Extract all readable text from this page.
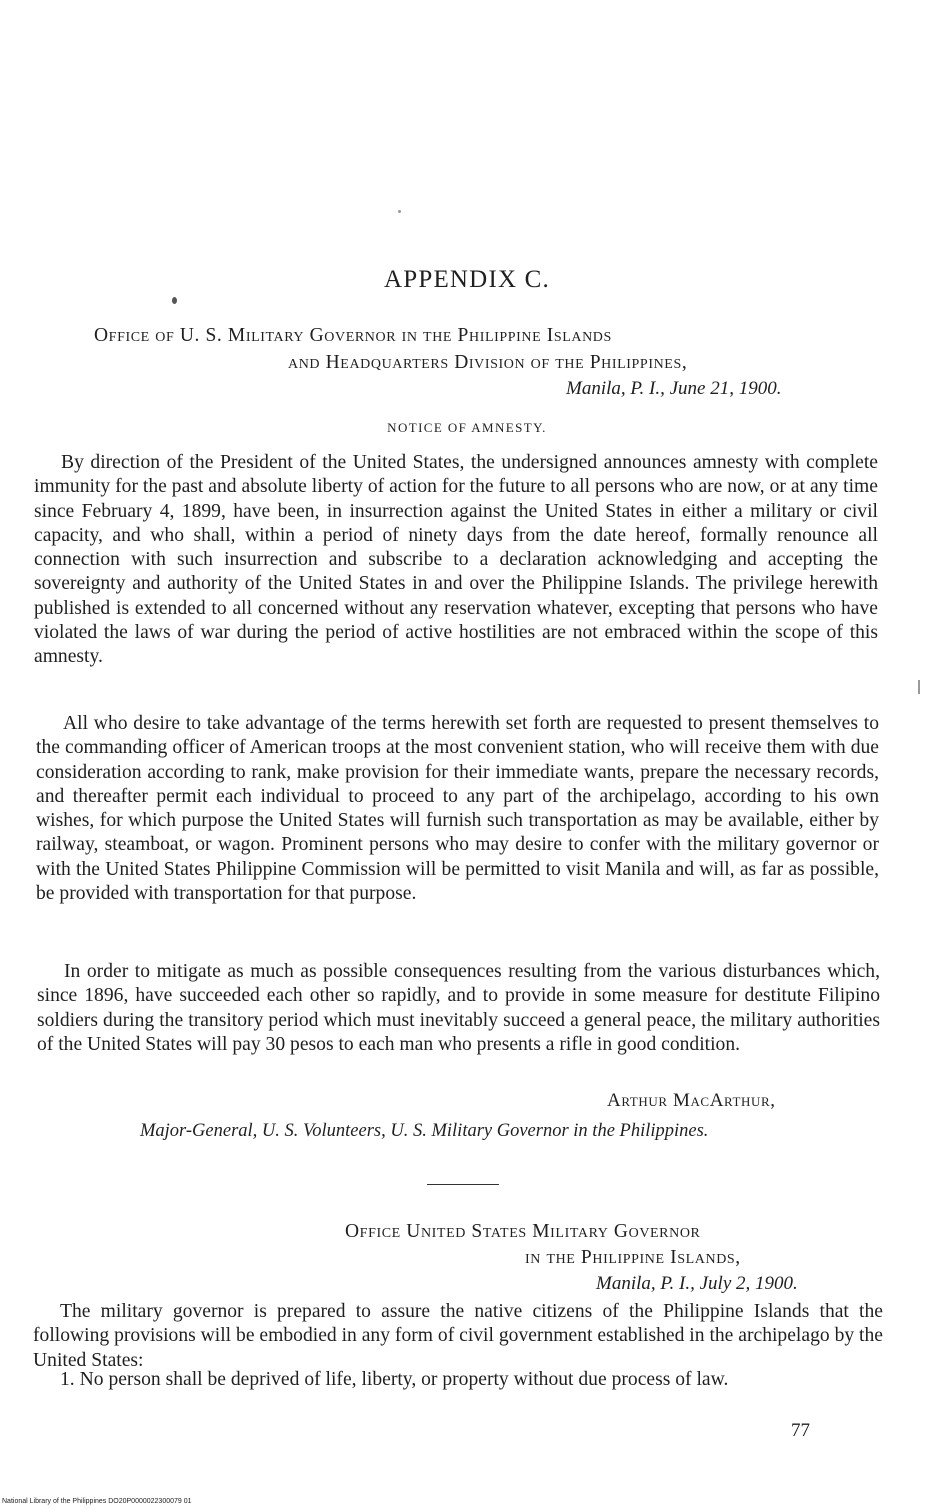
APPENDIX C.
Office of U. S. Military Governor in the Philippine Islands
and Headquarters Division of the Philippines,
Manila, P. I., June 21, 1900.
NOTICE OF AMNESTY.

By direction of the President of the United States, the undersigned announces amnesty with complete immunity for the past and absolute liberty of action for the future to all persons who are now, or at any time since February 4, 1899, have been, in insurrection against the United States in either a military or civil capacity, and who shall, within a period of ninety days from the date hereof, formally renounce all connection with such insurrection and subscribe to a declaration acknowledging and accepting the sovereignty and authority of the United States in and over the Philippine Islands. The privilege herewith published is extended to all concerned without any reservation whatever, excepting that persons who have violated the laws of war during the period of active hostilities are not embraced within the scope of this amnesty.

All who desire to take advantage of the terms herewith set forth are requested to present themselves to the commanding officer of American troops at the most convenient station, who will receive them with due consideration according to rank, make provision for their immediate wants, prepare the necessary records, and thereafter permit each individual to proceed to any part of the archipelago, according to his own wishes, for which purpose the United States will furnish such transportation as may be available, either by railway, steamboat, or wagon. Prominent persons who may desire to confer with the military governor or with the United States Philippine Commission will be permitted to visit Manila and will, as far as possible, be provided with transportation for that purpose.

In order to mitigate as much as possible consequences resulting from the various disturbances which, since 1896, have succeeded each other so rapidly, and to provide in some measure for destitute Filipino soldiers during the transitory period which must inevitably succeed a general peace, the military authorities of the United States will pay 30 pesos to each man who presents a rifle in good condition.

Arthur MacArthur,
Major-General, U. S. Volunteers, U. S. Military Governor in the Philippines.
Office United States Military Governor
in the Philippine Islands,
Manila, P. I., July 2, 1900.

The military governor is prepared to assure the native citizens of the Philippine Islands that the following provisions will be embodied in any form of civil government established in the archipelago by the United States:

1. No person shall be deprived of life, liberty, or property without due process of law.

77
National Library of the Philippines DO20P0000022300079 01
